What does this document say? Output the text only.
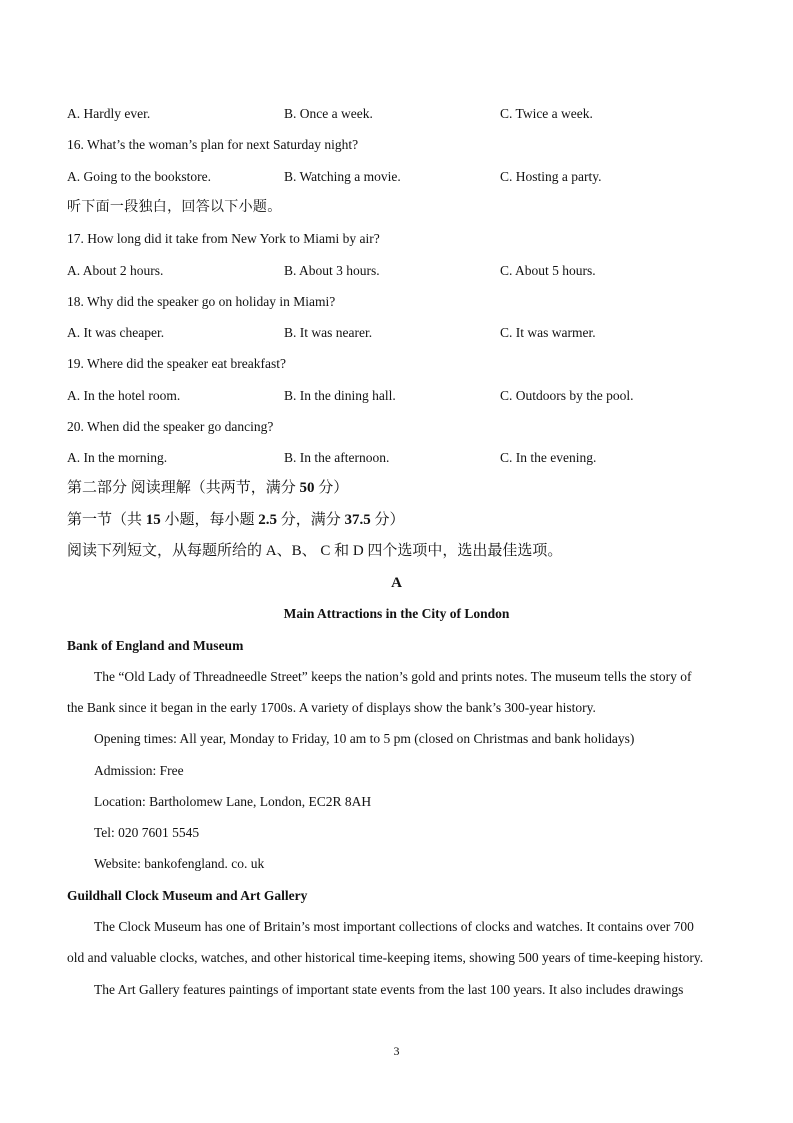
A. Hardly ever.	B. Once a week.	C. Twice a week.
16. What’s the woman’s plan for next Saturday night?
A. Going to the bookstore.	B. Watching a movie.	C. Hosting a party.
听下面一段独白，回答以下小题。
17. How long did it take from New York to Miami by air?
A. About 2 hours.	B. About 3 hours.	C. About 5 hours.
18. Why did the speaker go on holiday in Miami?
A. It was cheaper.	B. It was nearer.	C. It was warmer.
19. Where did the speaker eat breakfast?
A. In the hotel room.	B. In the dining hall.	C. Outdoors by the pool.
20. When did the speaker go dancing?
A. In the morning.	B. In the afternoon.	C. In the evening.
第二部分 阅读理解（共两节，满分 50 分）
第一节（共 15 小题，每小题 2.5 分，满分 37.5 分）
阅读下列短文，从每题所给的 A、B、 C 和 D 四个选项中，选出最佳选项。
A
Main Attractions in the City of London
Bank of England and Museum
The “Old Lady of Threadneedle Street” keeps the nation’s gold and prints notes. The museum tells the story of
the Bank since it began in the early 1700s. A variety of displays show the bank’s 300-year history.
Opening times: All year, Monday to Friday, 10 am to 5 pm (closed on Christmas and bank holidays)
Admission: Free
Location: Bartholomew Lane, London, EC2R 8AH
Tel: 020 7601 5545
Website: bankofengland. co. uk
Guildhall Clock Museum and Art Gallery
The Clock Museum has one of Britain’s most important collections of clocks and watches. It contains over 700
old and valuable clocks, watches, and other historical time-keeping items, showing 500 years of time-keeping history.
The Art Gallery features paintings of important state events from the last 100 years. It also includes drawings
3
